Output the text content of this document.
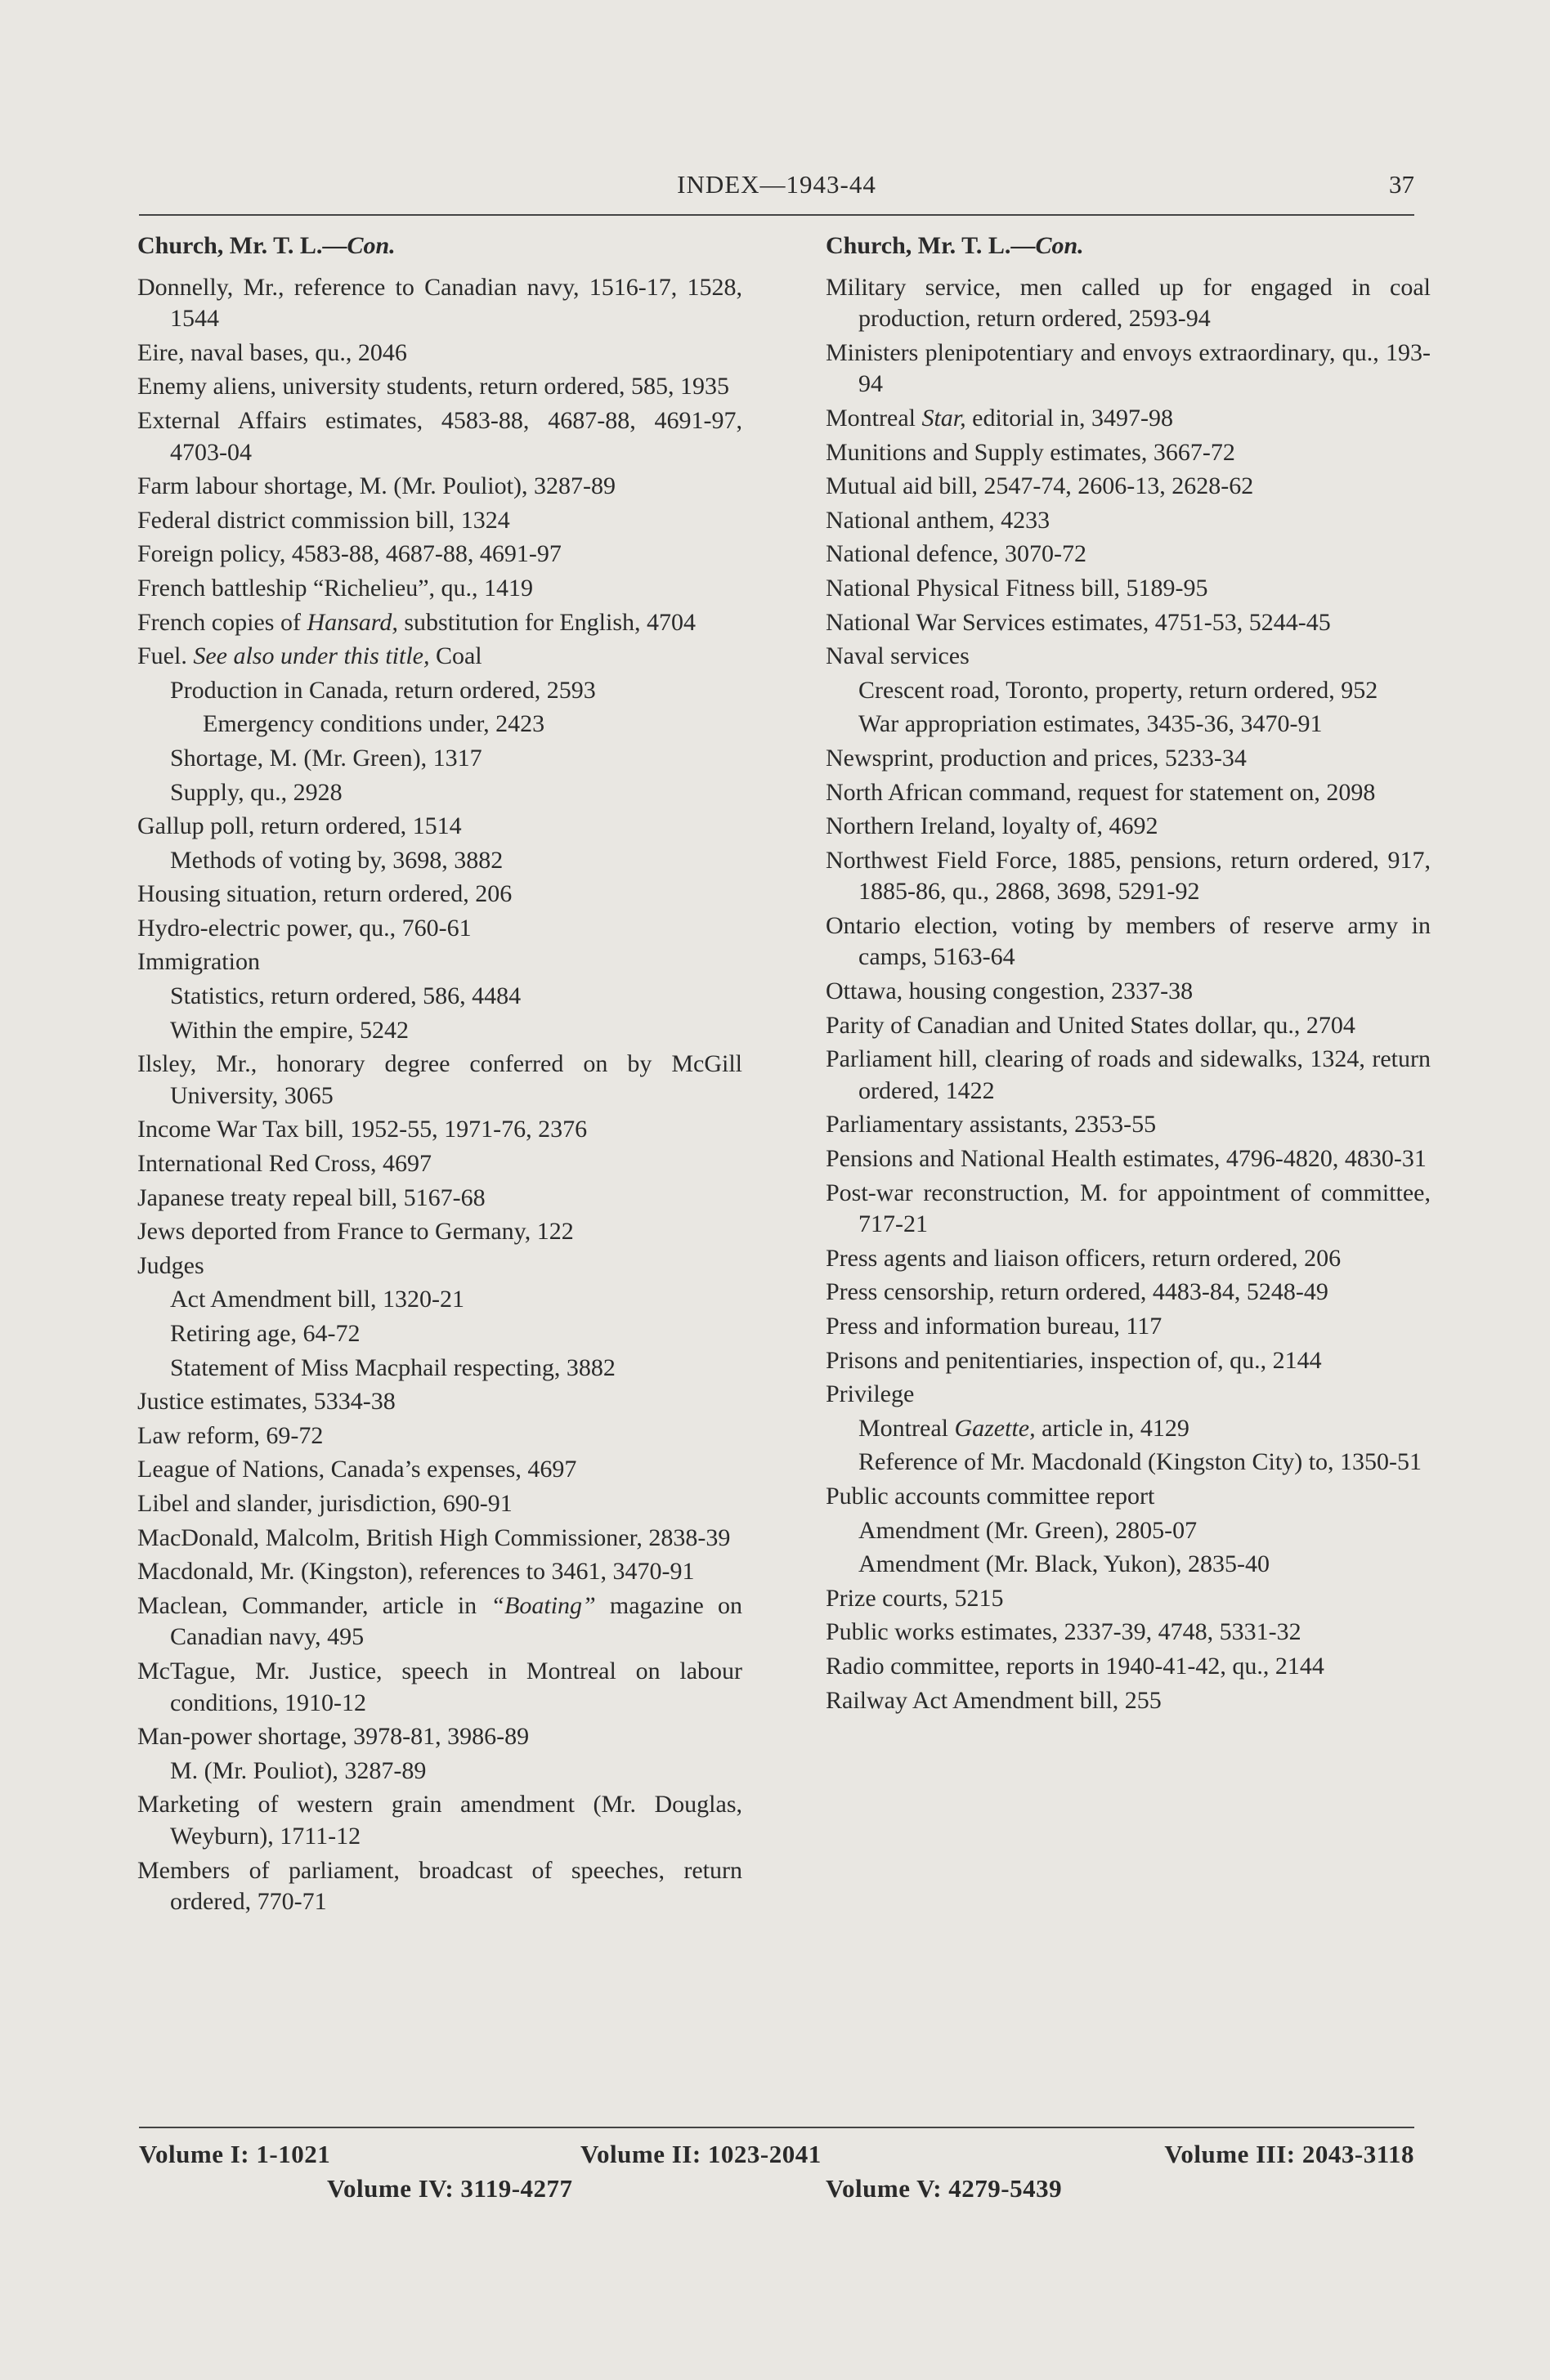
INDEX—1943-44	37
Church, Mr. T. L.—Con.
Donnelly, Mr., reference to Canadian navy, 1516-17, 1528, 1544
Eire, naval bases, qu., 2046
Enemy aliens, university students, return ordered, 585, 1935
External Affairs estimates, 4583-88, 4687-88, 4691-97, 4703-04
Farm labour shortage, M. (Mr. Pouliot), 3287-89
Federal district commission bill, 1324
Foreign policy, 4583-88, 4687-88, 4691-97
French battleship “Richelieu”, qu., 1419
French copies of Hansard, substitution for English, 4704
Fuel. See also under this title, Coal
Production in Canada, return ordered, 2593
Emergency conditions under, 2423
Shortage, M. (Mr. Green), 1317
Supply, qu., 2928
Gallup poll, return ordered, 1514
Methods of voting by, 3698, 3882
Housing situation, return ordered, 206
Hydro-electric power, qu., 760-61
Immigration
Statistics, return ordered, 586, 4484
Within the empire, 5242
Ilsley, Mr., honorary degree conferred on by McGill University, 3065
Income War Tax bill, 1952-55, 1971-76, 2376
International Red Cross, 4697
Japanese treaty repeal bill, 5167-68
Jews deported from France to Germany, 122
Judges
Act Amendment bill, 1320-21
Retiring age, 64-72
Statement of Miss Macphail respecting, 3882
Justice estimates, 5334-38
Law reform, 69-72
League of Nations, Canada’s expenses, 4697
Libel and slander, jurisdiction, 690-91
MacDonald, Malcolm, British High Commissioner, 2838-39
Macdonald, Mr. (Kingston), references to 3461, 3470-91
Maclean, Commander, article in “Boating” magazine on Canadian navy, 495
McTague, Mr. Justice, speech in Montreal on labour conditions, 1910-12
Man-power shortage, 3978-81, 3986-89
M. (Mr. Pouliot), 3287-89
Marketing of western grain amendment (Mr. Douglas, Weyburn), 1711-12
Members of parliament, broadcast of speeches, return ordered, 770-71
Church, Mr. T. L.—Con.
Military service, men called up for engaged in coal production, return ordered, 2593-94
Ministers plenipotentiary and envoys extraordinary, qu., 193-94
Montreal Star, editorial in, 3497-98
Munitions and Supply estimates, 3667-72
Mutual aid bill, 2547-74, 2606-13, 2628-62
National anthem, 4233
National defence, 3070-72
National Physical Fitness bill, 5189-95
National War Services estimates, 4751-53, 5244-45
Naval services
Crescent road, Toronto, property, return ordered, 952
War appropriation estimates, 3435-36, 3470-91
Newsprint, production and prices, 5233-34
North African command, request for statement on, 2098
Northern Ireland, loyalty of, 4692
Northwest Field Force, 1885, pensions, return ordered, 917, 1885-86, qu., 2868, 3698, 5291-92
Ontario election, voting by members of reserve army in camps, 5163-64
Ottawa, housing congestion, 2337-38
Parity of Canadian and United States dollar, qu., 2704
Parliament hill, clearing of roads and sidewalks, 1324, return ordered, 1422
Parliamentary assistants, 2353-55
Pensions and National Health estimates, 4796-4820, 4830-31
Post-war reconstruction, M. for appointment of committee, 717-21
Press agents and liaison officers, return ordered, 206
Press censorship, return ordered, 4483-84, 5248-49
Press and information bureau, 117
Prisons and penitentiaries, inspection of, qu., 2144
Privilege
Montreal Gazette, article in, 4129
Reference of Mr. Macdonald (Kingston City) to, 1350-51
Public accounts committee report
Amendment (Mr. Green), 2805-07
Amendment (Mr. Black, Yukon), 2835-40
Prize courts, 5215
Public works estimates, 2337-39, 4748, 5331-32
Radio committee, reports in 1940-41-42, qu., 2144
Railway Act Amendment bill, 255
Volume I: 1-1021	Volume II: 1023-2041	Volume III: 2043-3118
Volume IV: 3119-4277	Volume V: 4279-5439
